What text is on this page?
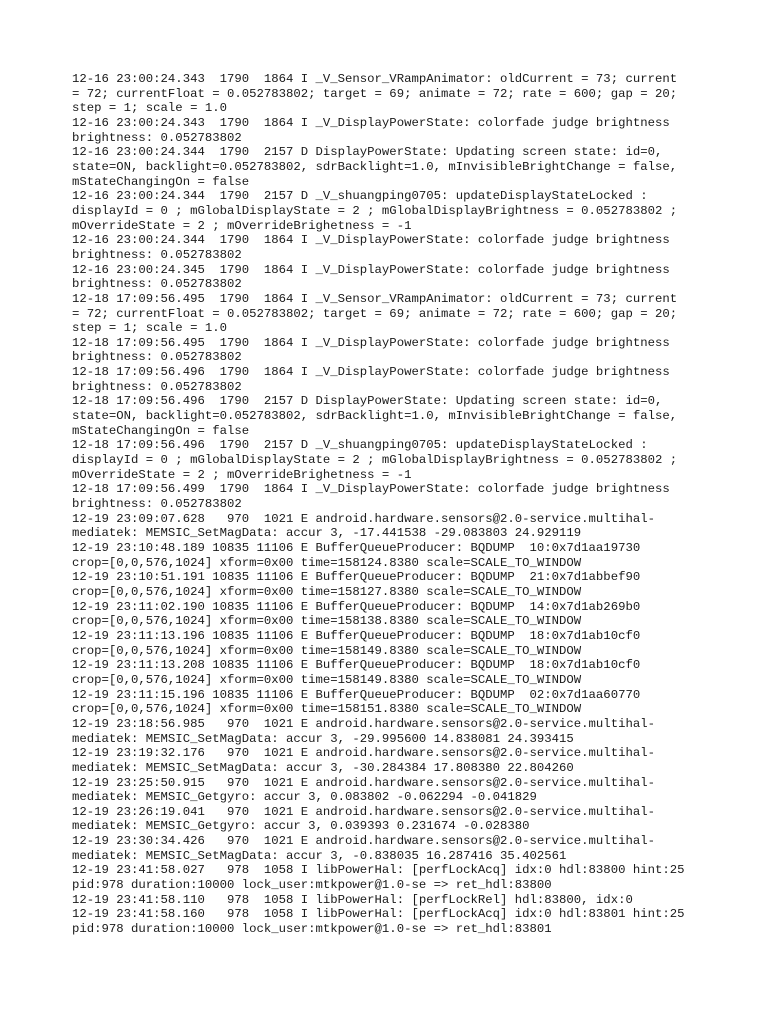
12-16 23:00:24.343  1790  1864 I _V_Sensor_VRampAnimator: oldCurrent = 73; current
= 72; currentFloat = 0.052783802; target = 69; animate = 72; rate = 600; gap = 20;
step = 1; scale = 1.0
12-16 23:00:24.343  1790  1864 I _V_DisplayPowerState: colorfade judge brightness
brightness: 0.052783802
12-16 23:00:24.344  1790  2157 D DisplayPowerState: Updating screen state: id=0,
state=ON, backlight=0.052783802, sdrBacklight=1.0, mInvisibleBrightChange = false,
mStateChangingOn = false
12-16 23:00:24.344  1790  2157 D _V_shuangping0705: updateDisplayStateLocked :
displayId = 0 ; mGlobalDisplayState = 2 ; mGlobalDisplayBrightness = 0.052783802 ;
mOverrideState = 2 ; mOverrideBrighetness = -1
12-16 23:00:24.344  1790  1864 I _V_DisplayPowerState: colorfade judge brightness
brightness: 0.052783802
12-16 23:00:24.345  1790  1864 I _V_DisplayPowerState: colorfade judge brightness
brightness: 0.052783802
12-18 17:09:56.495  1790  1864 I _V_Sensor_VRampAnimator: oldCurrent = 73; current
= 72; currentFloat = 0.052783802; target = 69; animate = 72; rate = 600; gap = 20;
step = 1; scale = 1.0
12-18 17:09:56.495  1790  1864 I _V_DisplayPowerState: colorfade judge brightness
brightness: 0.052783802
12-18 17:09:56.496  1790  1864 I _V_DisplayPowerState: colorfade judge brightness
brightness: 0.052783802
12-18 17:09:56.496  1790  2157 D DisplayPowerState: Updating screen state: id=0,
state=ON, backlight=0.052783802, sdrBacklight=1.0, mInvisibleBrightChange = false,
mStateChangingOn = false
12-18 17:09:56.496  1790  2157 D _V_shuangping0705: updateDisplayStateLocked :
displayId = 0 ; mGlobalDisplayState = 2 ; mGlobalDisplayBrightness = 0.052783802 ;
mOverrideState = 2 ; mOverrideBrighetness = -1
12-18 17:09:56.499  1790  1864 I _V_DisplayPowerState: colorfade judge brightness
brightness: 0.052783802
12-19 23:09:07.628   970  1021 E android.hardware.sensors@2.0-service.multihal-
mediatek: MEMSIC_SetMagData: accur 3, -17.441538 -29.083803 24.929119
12-19 23:10:48.189 10835 11106 E BufferQueueProducer: BQDUMP  10:0x7d1aa19730
crop=[0,0,576,1024] xform=0x00 time=158124.8380 scale=SCALE_TO_WINDOW
12-19 23:10:51.191 10835 11106 E BufferQueueProducer: BQDUMP  21:0x7d1abbef90
crop=[0,0,576,1024] xform=0x00 time=158127.8380 scale=SCALE_TO_WINDOW
12-19 23:11:02.190 10835 11106 E BufferQueueProducer: BQDUMP  14:0x7d1ab269b0
crop=[0,0,576,1024] xform=0x00 time=158138.8380 scale=SCALE_TO_WINDOW
12-19 23:11:13.196 10835 11106 E BufferQueueProducer: BQDUMP  18:0x7d1ab10cf0
crop=[0,0,576,1024] xform=0x00 time=158149.8380 scale=SCALE_TO_WINDOW
12-19 23:11:13.208 10835 11106 E BufferQueueProducer: BQDUMP  18:0x7d1ab10cf0
crop=[0,0,576,1024] xform=0x00 time=158149.8380 scale=SCALE_TO_WINDOW
12-19 23:11:15.196 10835 11106 E BufferQueueProducer: BQDUMP  02:0x7d1aa60770
crop=[0,0,576,1024] xform=0x00 time=158151.8380 scale=SCALE_TO_WINDOW
12-19 23:18:56.985   970  1021 E android.hardware.sensors@2.0-service.multihal-
mediatek: MEMSIC_SetMagData: accur 3, -29.995600 14.838081 24.393415
12-19 23:19:32.176   970  1021 E android.hardware.sensors@2.0-service.multihal-
mediatek: MEMSIC_SetMagData: accur 3, -30.284384 17.808380 22.804260
12-19 23:25:50.915   970  1021 E android.hardware.sensors@2.0-service.multihal-
mediatek: MEMSIC_Getgyro: accur 3, 0.083802 -0.062294 -0.041829
12-19 23:26:19.041   970  1021 E android.hardware.sensors@2.0-service.multihal-
mediatek: MEMSIC_Getgyro: accur 3, 0.039393 0.231674 -0.028380
12-19 23:30:34.426   970  1021 E android.hardware.sensors@2.0-service.multihal-
mediatek: MEMSIC_SetMagData: accur 3, -0.838035 16.287416 35.402561
12-19 23:41:58.027   978  1058 I libPowerHal: [perfLockAcq] idx:0 hdl:83800 hint:25
pid:978 duration:10000 lock_user:mtkpower@1.0-se => ret_hdl:83800
12-19 23:41:58.110   978  1058 I libPowerHal: [perfLockRel] hdl:83800, idx:0
12-19 23:41:58.160   978  1058 I libPowerHal: [perfLockAcq] idx:0 hdl:83801 hint:25
pid:978 duration:10000 lock_user:mtkpower@1.0-se => ret_hdl:83801
